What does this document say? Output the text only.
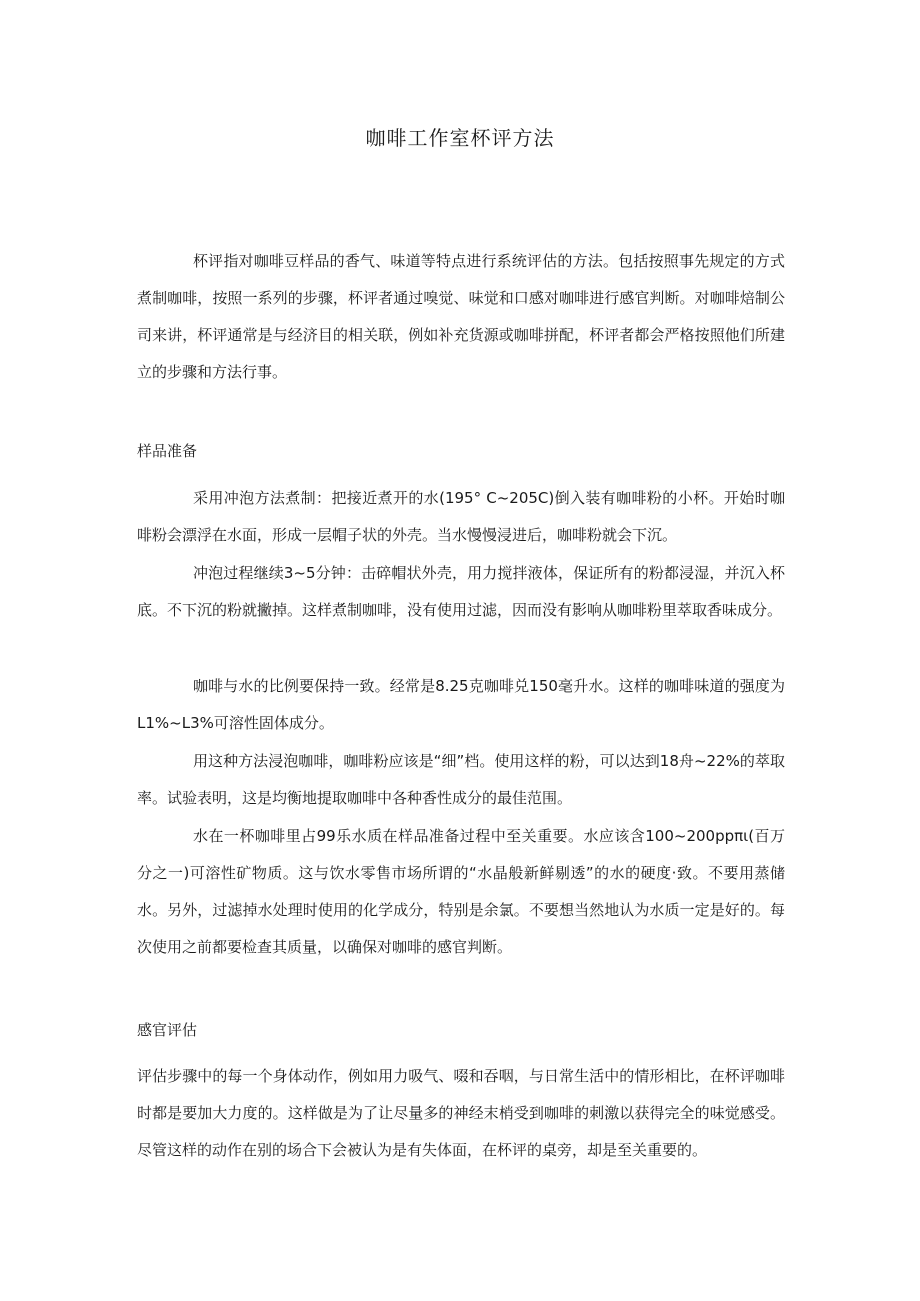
咖啡工作室杯评方法

杯评指对咖啡豆样品的香气、味道等特点进行系统评估的方法。包括按照事先规定的方式煮制咖啡，按照一系列的步骤，杯评者通过嗅觉、味觉和口感对咖啡进行感官判断。对咖啡焙制公司来讲，杯评通常是与经济目的相关联，例如补充货源或咖啡拼配，杯评者都会严格按照他们所建立的步骤和方法行事。

样品准备

采用冲泡方法煮制：把接近煮开的水(195° C~205C)倒入装有咖啡粉的小杯。开始时咖啡粉会漂浮在水面，形成一层帽子状的外壳。当水慢慢浸进后，咖啡粉就会下沉。

冲泡过程继续3~5分钟：击碎帽状外壳，用力搅拌液体，保证所有的粉都浸湿，并沉入杯底。不下沉的粉就撇掉。这样煮制咖啡，没有使用过滤，因而没有影响从咖啡粉里萃取香味成分。

咖啡与水的比例要保持一致。经常是8.25克咖啡兑150毫升水。这样的咖啡味道的强度为L1%~L3%可溶性固体成分。

用这种方法浸泡咖啡，咖啡粉应该是“细”档。使用这样的粉，可以达到18舟~22%的萃取率。试验表明，这是均衡地提取咖啡中各种香性成分的最佳范围。

水在一杯咖啡里占99乐水质在样品准备过程中至关重要。水应该含100~200ppπι(百万分之一)可溶性矿物质。这与饮水零售市场所谓的“水晶般新鲜剔透”的水的硬度·致。不要用蒸储水。另外，过滤掉水处理时使用的化学成分，特别是余氯。不要想当然地认为水质一定是好的。每次使用之前都要检查其质量，以确保对咖啡的感官判断。

感官评估

评估步骤中的每一个身体动作，例如用力吸气、啜和吞咽，与日常生活中的情形相比，在杯评咖啡时都是要加大力度的。这样做是为了让尽量多的神经末梢受到咖啡的刺激以获得完全的味觉感受。尽管这样的动作在别的场合下会被认为是有失体面，在杯评的桌旁，却是至关重要的。
